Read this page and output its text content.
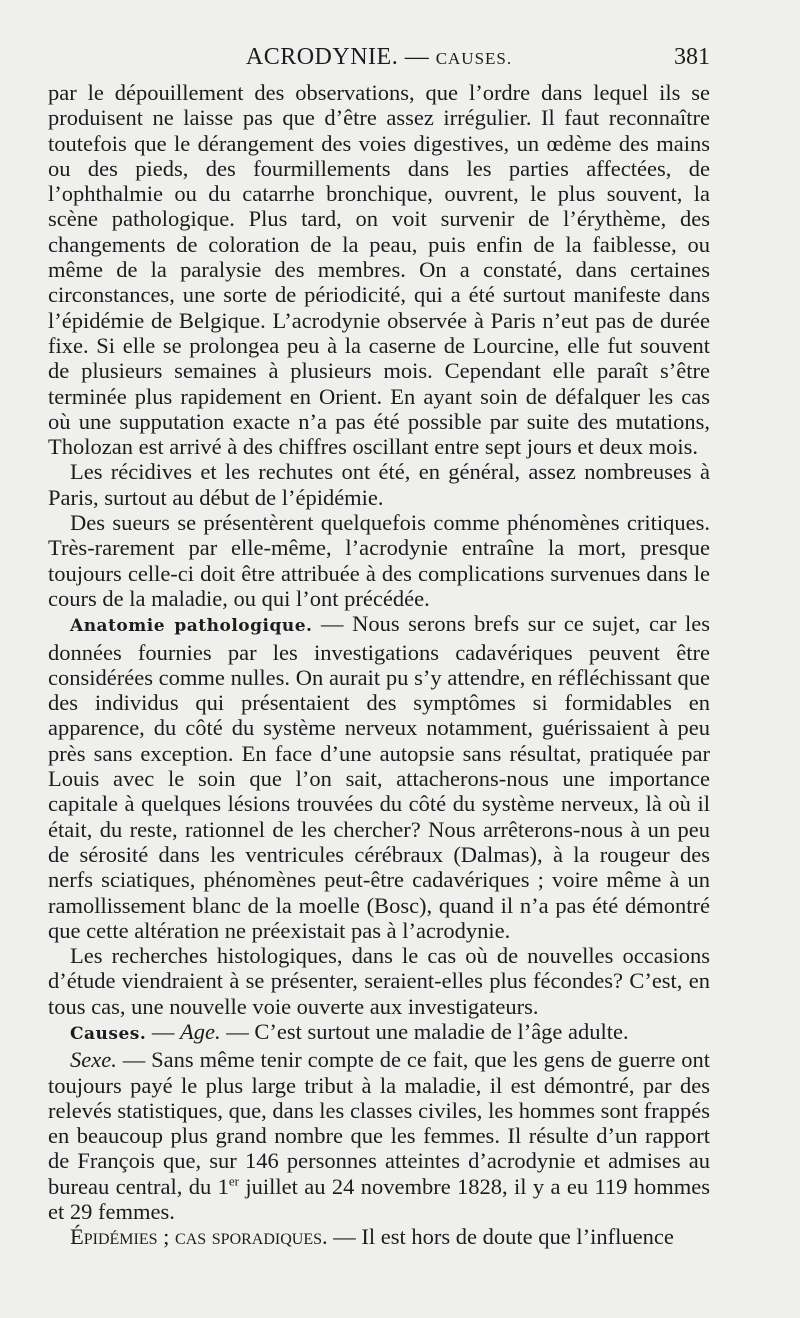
ACRODYNIE. — CAUSES.	381

par le dépouillement des observations, que l’ordre dans lequel ils se produisent ne laisse pas que d’être assez irrégulier. Il faut reconnaître toutefois que le dérangement des voies digestives, un œdème des mains ou des pieds, des fourmillements dans les parties affectées, de l’ophthalmie ou du catarrhe bronchique, ouvrent, le plus souvent, la scène pathologique. Plus tard, on voit survenir de l’érythème, des changements de coloration de la peau, puis enfin de la faiblesse, ou même de la paralysie des membres. On a constaté, dans certaines circonstances, une sorte de périodicité, qui a été surtout manifeste dans l’épidémie de Belgique. L’acrodynie observée à Paris n’eut pas de durée fixe. Si elle se prolongea peu à la caserne de Lourcine, elle fut souvent de plusieurs semaines à plusieurs mois. Cependant elle paraît s’être terminée plus rapidement en Orient. En ayant soin de défalquer les cas où une supputation exacte n’a pas été possible par suite des mutations, Tholozan est arrivé à des chiffres oscillant entre sept jours et deux mois.

Les récidives et les rechutes ont été, en général, assez nombreuses à Paris, surtout au début de l’épidémie.

Des sueurs se présentèrent quelquefois comme phénomènes critiques. Très-rarement par elle-même, l’acrodynie entraîne la mort, presque toujours celle-ci doit être attribuée à des complications survenues dans le cours de la maladie, ou qui l’ont précédée.

Anatomie pathologique. — Nous serons brefs sur ce sujet, car les données fournies par les investigations cadavériques peuvent être considérées comme nulles. On aurait pu s’y attendre, en réfléchissant que des individus qui présentaient des symptômes si formidables en apparence, du côté du système nerveux notamment, guérissaient à peu près sans exception. En face d’une autopsie sans résultat, pratiquée par Louis avec le soin que l’on sait, attacherons-nous une importance capitale à quelques lésions trouvées du côté du système nerveux, là où il était, du reste, rationnel de les chercher? Nous arrêterons-nous à un peu de sérosité dans les ventricules cérébraux (Dalmas), à la rougeur des nerfs sciatiques, phénomènes peut-être cadavériques ; voire même à un ramollissement blanc de la moelle (Bosc), quand il n’a pas été démontré que cette altération ne préexistait pas à l’acrodynie.

Les recherches histologiques, dans le cas où de nouvelles occasions d’étude viendraient à se présenter, seraient-elles plus fécondes? C’est, en tous cas, une nouvelle voie ouverte aux investigateurs.

Causes. — Age. — C’est surtout une maladie de l’âge adulte.

Sexe. — Sans même tenir compte de ce fait, que les gens de guerre ont toujours payé le plus large tribut à la maladie, il est démontré, par des relevés statistiques, que, dans les classes civiles, les hommes sont frappés en beaucoup plus grand nombre que les femmes. Il résulte d’un rapport de François que, sur 146 personnes atteintes d’acrodynie et admises au bureau central, du 1er juillet au 24 novembre 1828, il y a eu 119 hommes et 29 femmes.

Épidémies ; cas sporadiques. — Il est hors de doute que l’influence
